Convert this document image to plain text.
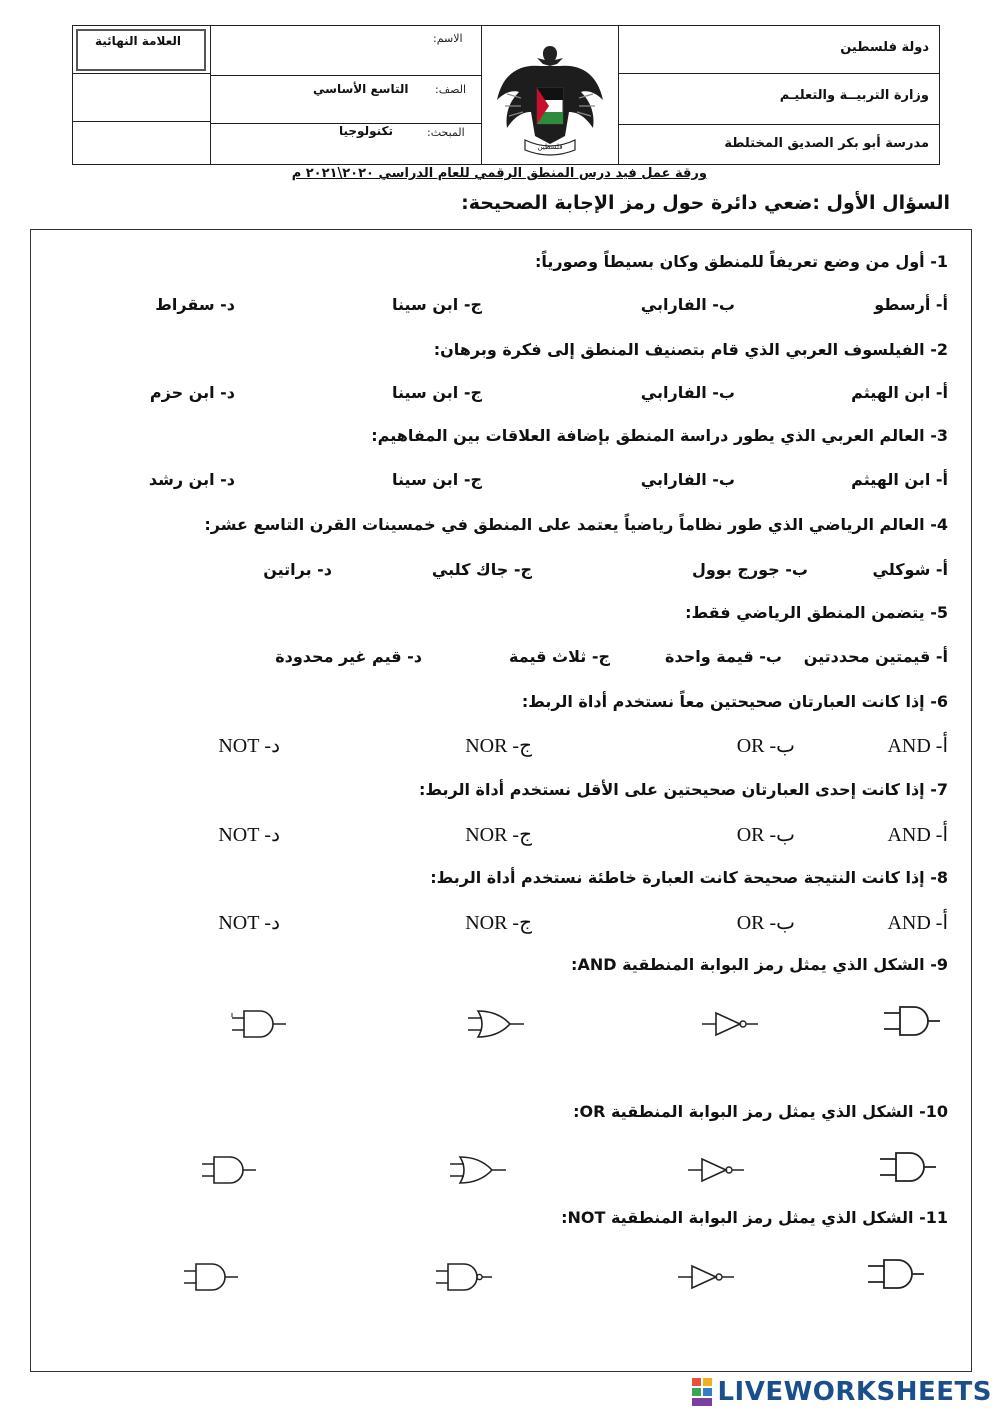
دولة فلسطين
وزارة التربيــة والتعليـم
مدرسة أبو بكر الصديق المختلطة
الاسم:
الصف:
التاسع الأساسي
المبحث:
تكنولوجيا
العلامة النهائية
فلسطين
ورقة عمل فيد درس المنطق الرقمي للعام الدراسي ٢٠٢٠\٢٠٢١ م
السؤال الأول :ضعي دائرة حول رمز الإجابة الصحيحة:
1- أول من وضع تعريفاً للمنطق وكان بسيطاً وصورياً:
أ- أرسطو
ب- الفارابي
ج- ابن سينا
د- سقراط
2- الفيلسوف العربي الذي قام بتصنيف المنطق إلى فكرة وبرهان:
أ- ابن الهيثم
ب- الفارابي
ج- ابن سينا
د- ابن حزم
3- العالم العربي الذي يطور دراسة المنطق بإضافة العلاقات بين المفاهيم:
أ- ابن الهيثم
ب- الفارابي
ج- ابن سينا
د- ابن رشد
4- العالم الرياضي الذي طور نظاماً رياضياً يعتمد على المنطق في خمسينات القرن التاسع عشر:
أ- شوكلي
ب- جورج بوول
ج- جاك كلبي
د- براتين
5- يتضمن المنطق الرياضي فقط:
أ- قيمتين محددتين
ب- قيمة واحدة
ج- ثلاث قيمة
د- قيم غير محدودة
6- إذا كانت العبارتان صحيحتين معاً نستخدم أداة الربط:
أ- AND
ب- OR
ج- NOR
د- NOT
7- إذا كانت إحدى العبارتان صحيحتين على الأقل نستخدم أداة الربط:
أ- AND
ب- OR
ج- NOR
د- NOT
8- إذا كانت النتيجة صحيحة كانت العبارة خاطئة نستخدم أداة الربط:
أ- AND
ب- OR
ج- NOR
د- NOT
9- الشكل الذي يمثل رمز البوابة المنطقية AND:
10- الشكل الذي يمثل رمز البوابة المنطقية OR:
11- الشكل الذي يمثل رمز البوابة المنطقية NOT:
LIVEWORKSHEETS
